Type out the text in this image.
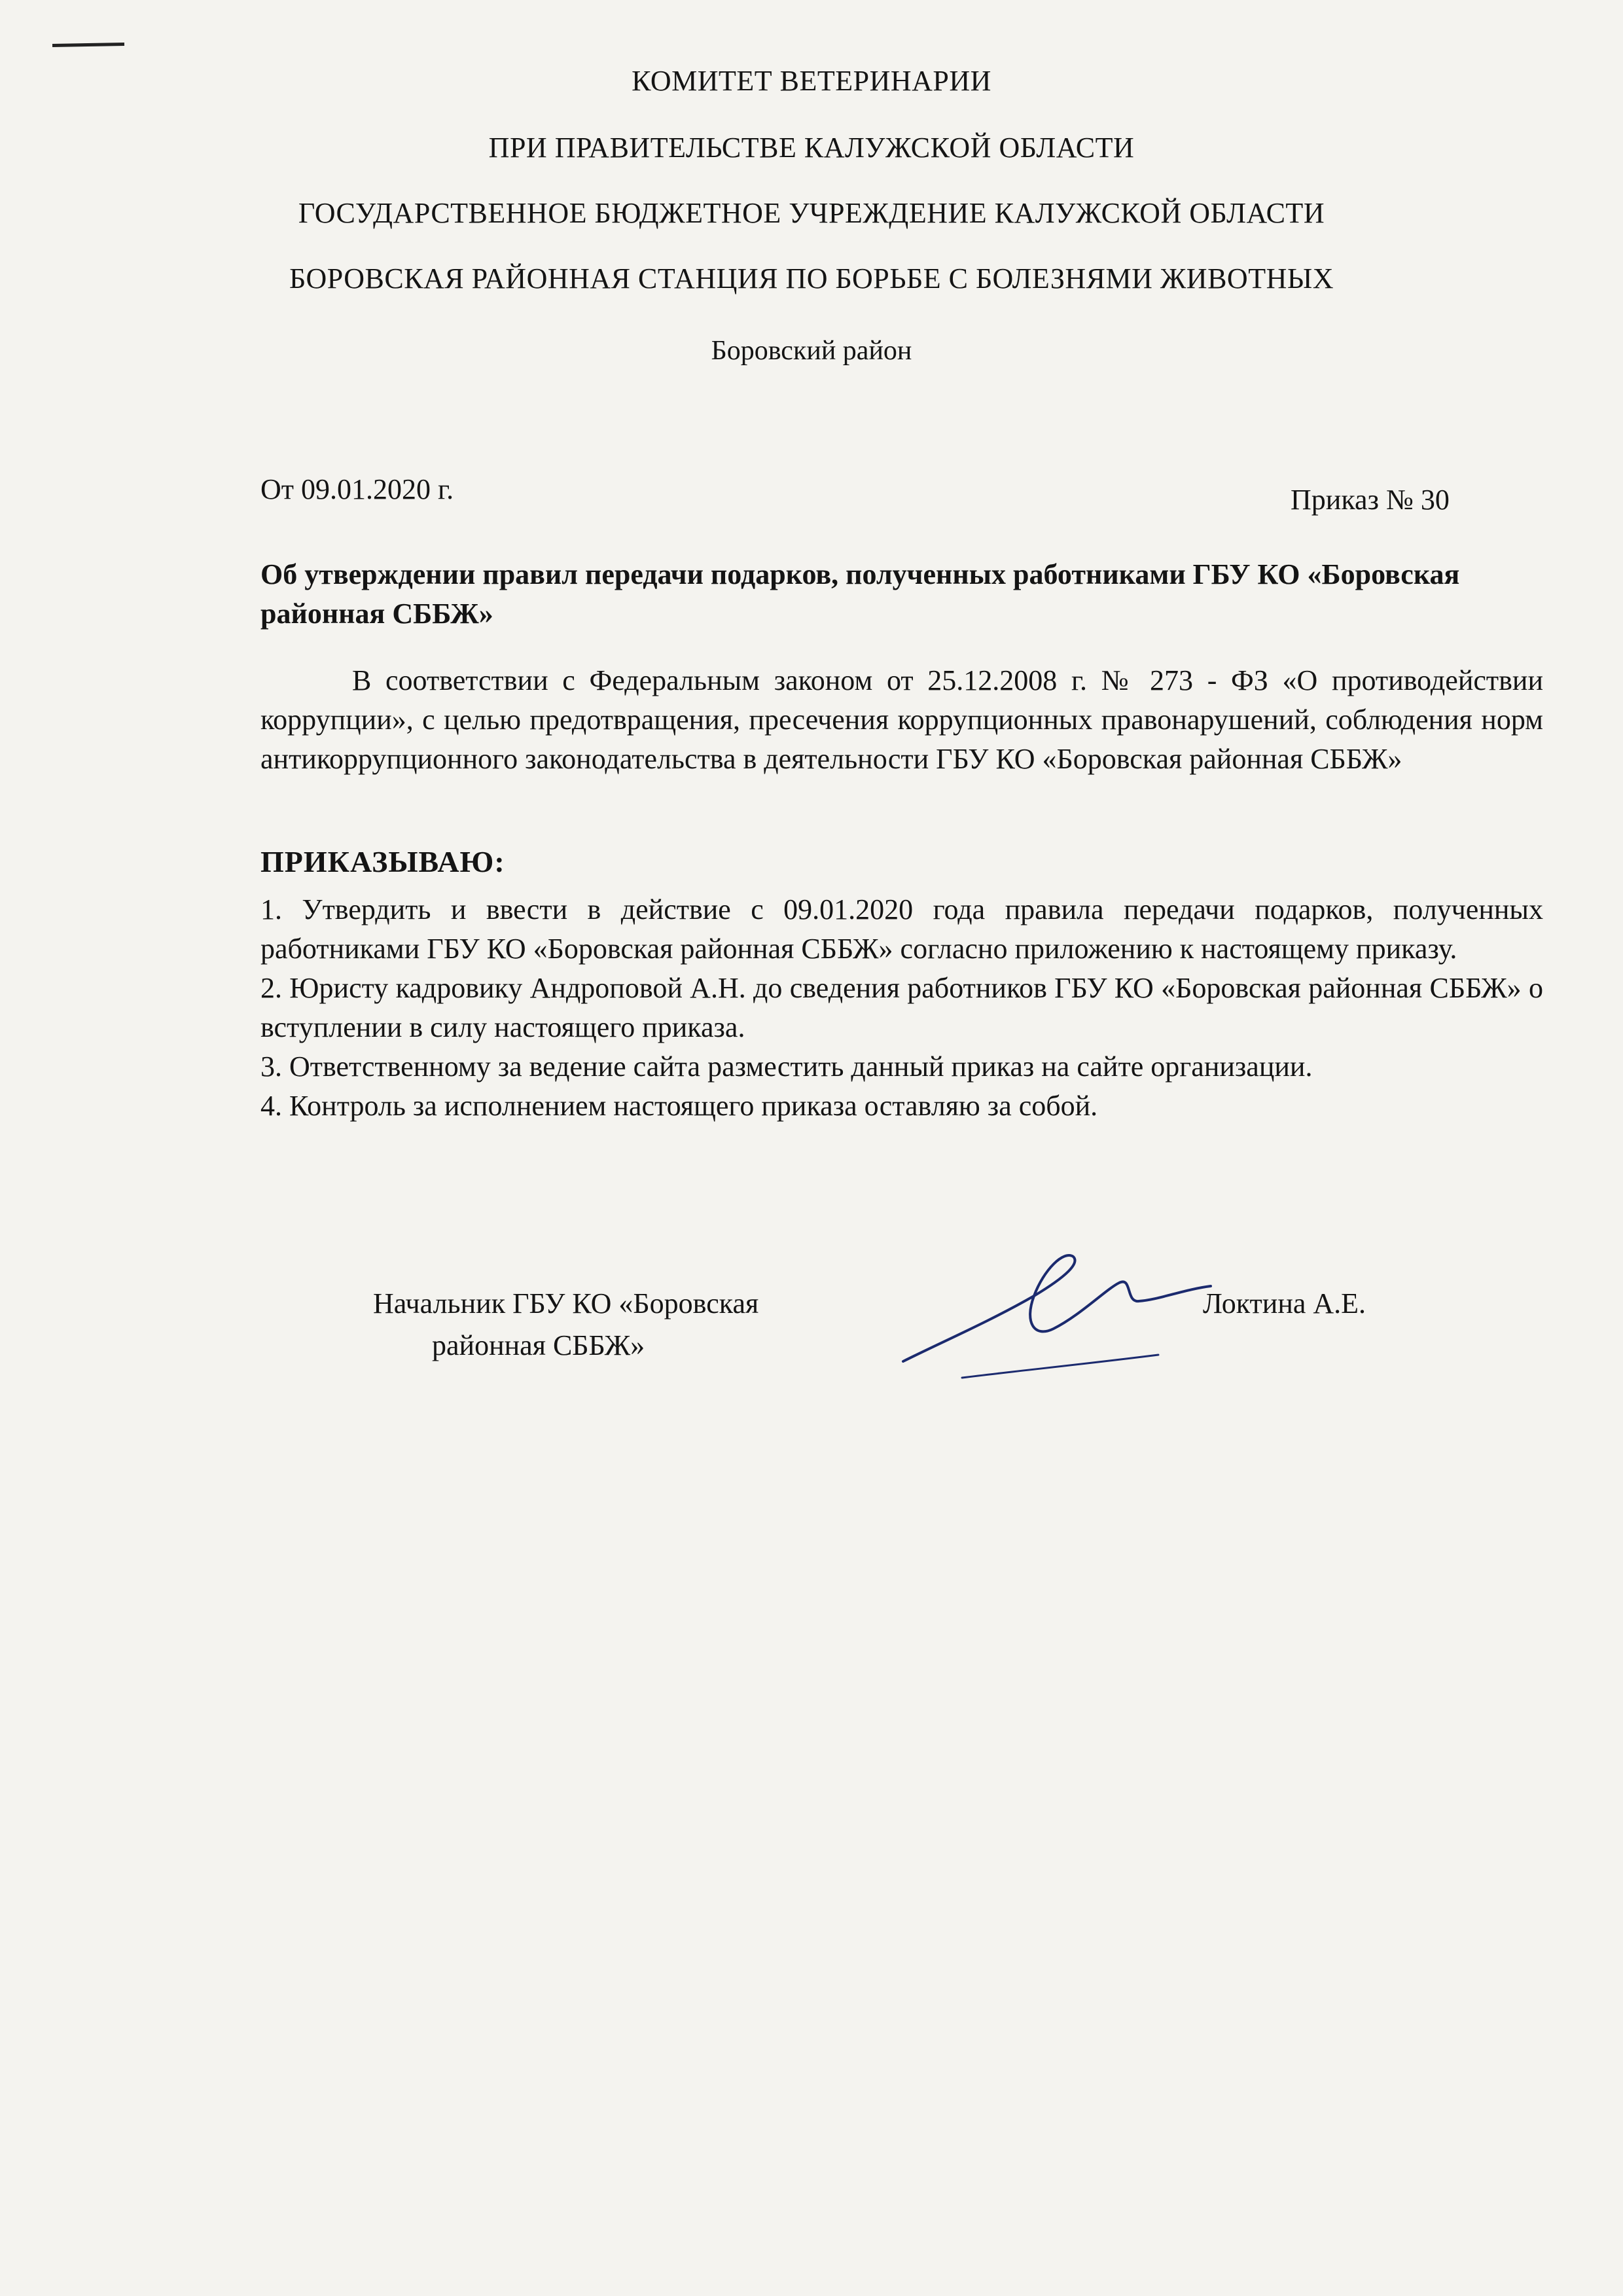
КОМИТЕТ ВЕТЕРИНАРИИ
ПРИ ПРАВИТЕЛЬСТВЕ КАЛУЖСКОЙ ОБЛАСТИ
ГОСУДАРСТВЕННОЕ БЮДЖЕТНОЕ УЧРЕЖДЕНИЕ КАЛУЖСКОЙ ОБЛАСТИ
БОРОВСКАЯ РАЙОННАЯ СТАНЦИЯ ПО БОРЬБЕ С БОЛЕЗНЯМИ ЖИВОТНЫХ
Боровский район
От 09.01.2020 г.	Приказ № 30
Об утверждении правил передачи подарков, полученных работниками ГБУ КО «Боровская районная СББЖ»
В соответствии с Федеральным законом от 25.12.2008 г. № 273 - ФЗ «О противодействии коррупции», с целью предотвращения, пресечения коррупционных правонарушений, соблюдения норм антикоррупционного законодательства в деятельности ГБУ КО «Боровская районная СББЖ»
ПРИКАЗЫВАЮ:

1. Утвердить и ввести в действие с 09.01.2020 года правила передачи подарков, полученных работниками ГБУ КО «Боровская районная СББЖ» согласно приложению к настоящему приказу.

2. Юристу кадровику Андроповой А.Н. до сведения работников ГБУ КО «Боровская районная СББЖ» о вступлении в силу настоящего приказа.

3. Ответственному за ведение сайта разместить данный приказ на сайте организации.

4. Контроль за исполнением настоящего приказа оставляю за собой.

Начальник ГБУ КО «Боровская
районная СББЖ»
Локтина А.Е.
